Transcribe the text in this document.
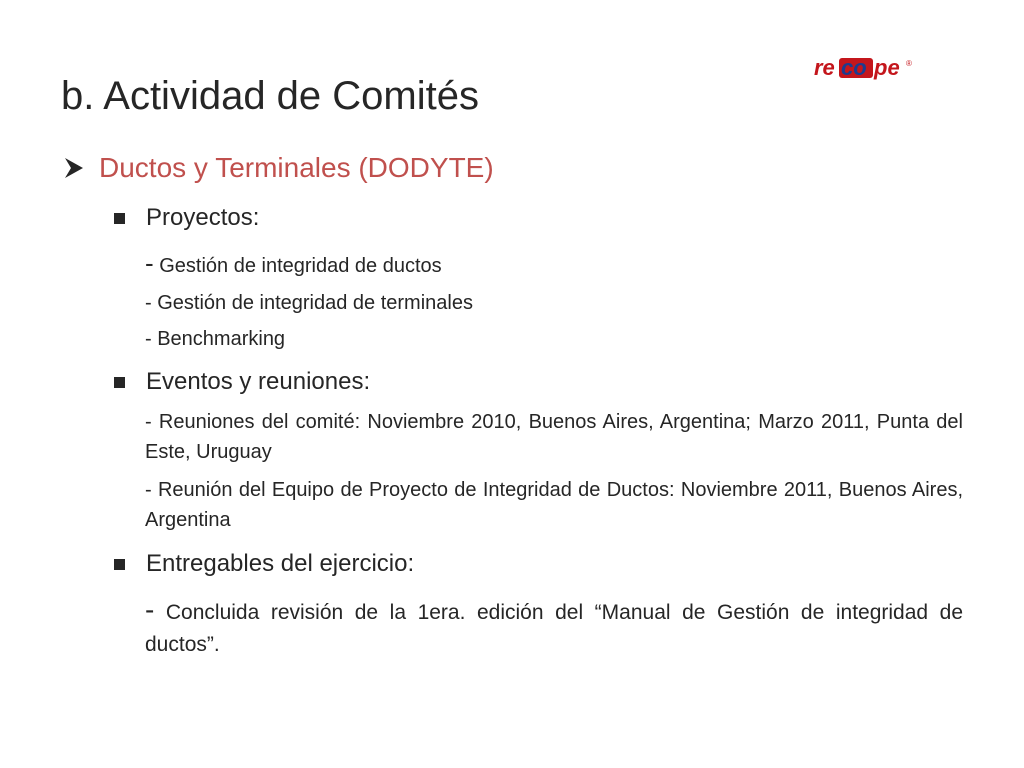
re co pe ®
b. Actividad de Comités
Ductos y Terminales (DODYTE)
Proyectos:
- Gestión de integridad de ductos
- Gestión de integridad de terminales
- Benchmarking
Eventos y reuniones:
- Reuniones del comité: Noviembre 2010, Buenos Aires, Argentina; Marzo 2011, Punta del Este, Uruguay
- Reunión del Equipo de Proyecto de Integridad de Ductos: Noviembre 2011, Buenos Aires, Argentina
Entregables del ejercicio:
- Concluida revisión de la 1era. edición del “Manual de Gestión de integridad de ductos”.
